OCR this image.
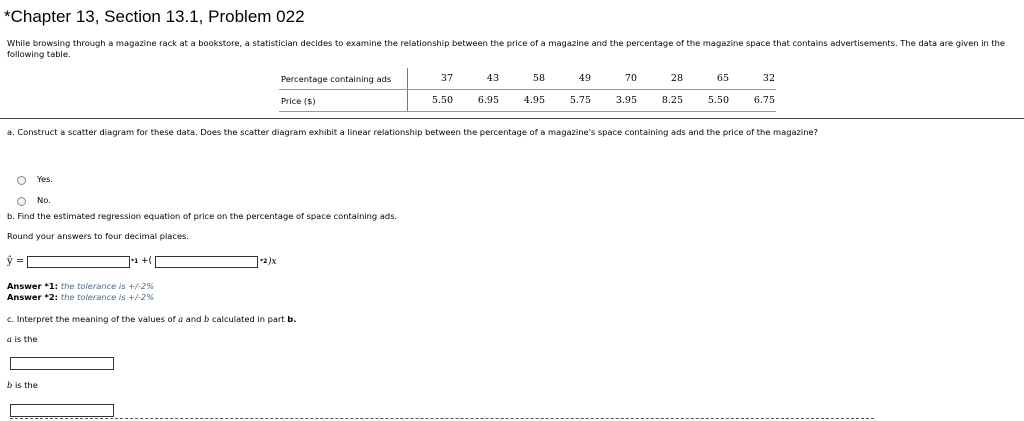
*Chapter 13, Section 13.1, Problem 022
While browsing through a magazine rack at a bookstore, a statistician decides to examine the relationship between the price of a magazine and the percentage of the magazine space that contains advertisements. The data are given in the following table.
Percentage containing ads	37	43	58	49	70	28	65	32
Price ($)	5.50	6.95	4.95	5.75	3.95	8.25	5.50	6.75
a. Construct a scatter diagram for these data. Does the scatter diagram exhibit a linear relationship between the percentage of a magazine's space containing ads and the price of the magazine?
Yes.
No.
b. Find the estimated regression equation of price on the percentage of space containing ads.
Round your answers to four decimal places.
ŷ =	*1 +(	*2 )x
Answer *1: the tolerance is +/-2%
Answer *2: the tolerance is +/-2%
c. Interpret the meaning of the values of a and b calculated in part b.
a is the
b is the
